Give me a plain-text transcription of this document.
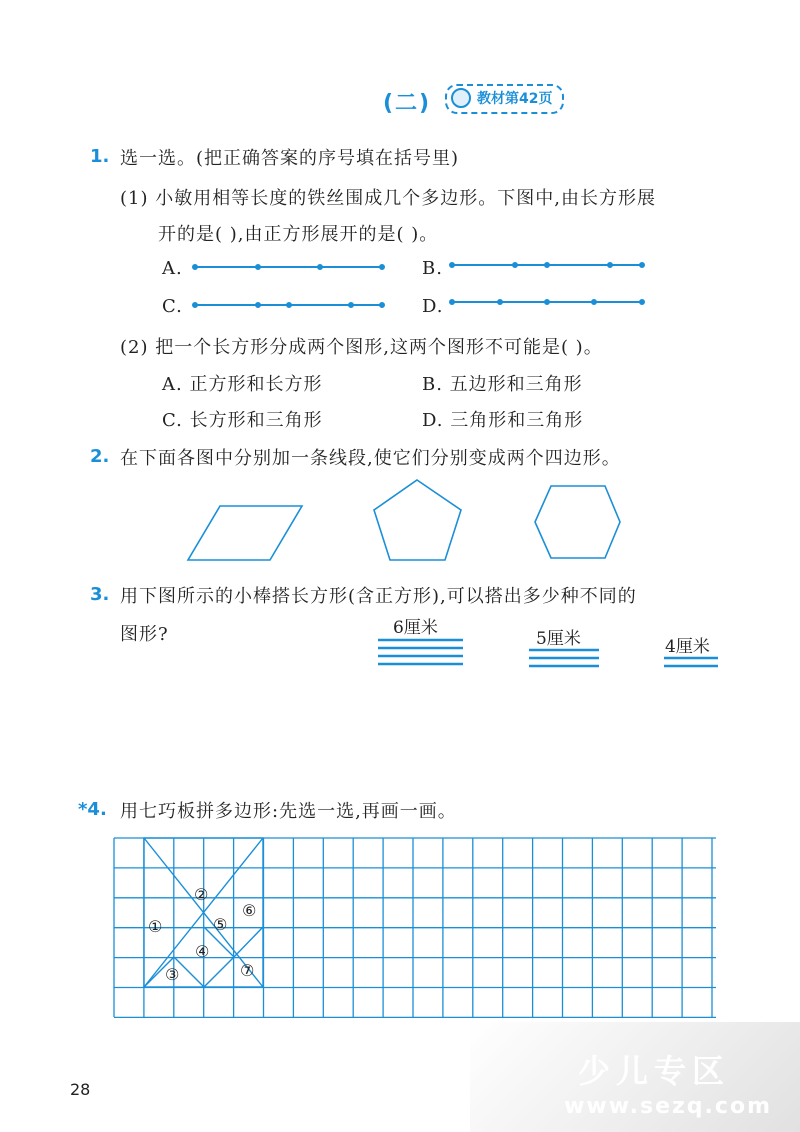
(二)	教材第42页
1. 选一选。(把正确答案的序号填在括号里)
(1) 小敏用相等长度的铁丝围成几个多边形。下图中,由长方形展
开的是( ),由正方形展开的是( )。
A.	B.
C.	D.
(2) 把一个长方形分成两个图形,这两个图形不可能是( )。
A. 正方形和长方形	B. 五边形和三角形
C. 长方形和三角形	D. 三角形和三角形
2. 在下面各图中分别加一条线段,使它们分别变成两个四边形。
3. 用下图所示的小棒搭长方形(含正方形),可以搭出多少种不同的
图形?	6厘米
5厘米	4厘米
*4. 用七巧板拼多边形:先选一选,再画一画。
①
②
③
④
⑤
⑥
⑦
28	少儿专区
www.sezq.com
